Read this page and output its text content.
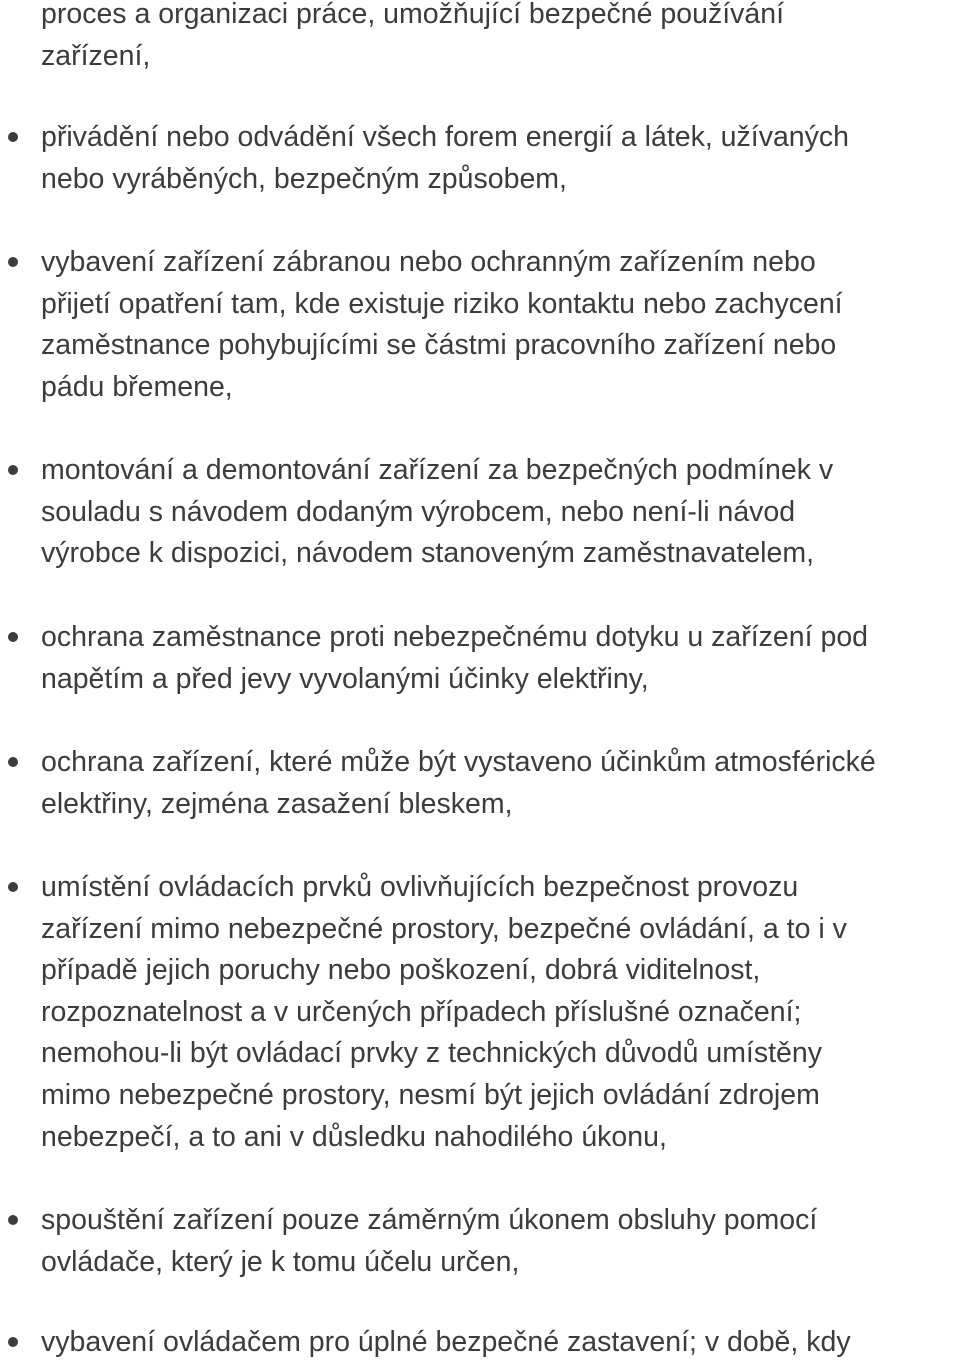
proces a organizaci práce, umožňující bezpečné používání
zařízení,
přivádění nebo odvádění všech forem energií a látek, užívaných
nebo vyráběných, bezpečným způsobem,
vybavení zařízení zábranou nebo ochranným zařízením nebo
přijetí opatření tam, kde existuje riziko kontaktu nebo zachycení
zaměstnance pohybujícími se částmi pracovního zařízení nebo
pádu břemene,
montování a demontování zařízení za bezpečných podmínek v
souladu s návodem dodaným výrobcem, nebo není-li návod
výrobce k dispozici, návodem stanoveným zaměstnavatelem,
ochrana zaměstnance proti nebezpečnému dotyku u zařízení pod
napětím a před jevy vyvolanými účinky elektřiny,
ochrana zařízení, které může být vystaveno účinkům atmosférické
elektřiny, zejména zasažení bleskem,
umístění ovládacích prvků ovlivňujících bezpečnost provozu
zařízení mimo nebezpečné prostory, bezpečné ovládání, a to i v
případě jejich poruchy nebo poškození, dobrá viditelnost,
rozpoznatelnost a v určených případech příslušné označení;
nemohou-li být ovládací prvky z technických důvodů umístěny
mimo nebezpečné prostory, nesmí být jejich ovládání zdrojem
nebezpečí, a to ani v důsledku nahodilého úkonu,
spouštění zařízení pouze záměrným úkonem obsluhy pomocí
ovládače, který je k tomu účelu určen,
vybavení ovládačem pro úplné bezpečné zastavení; v době, kdy
